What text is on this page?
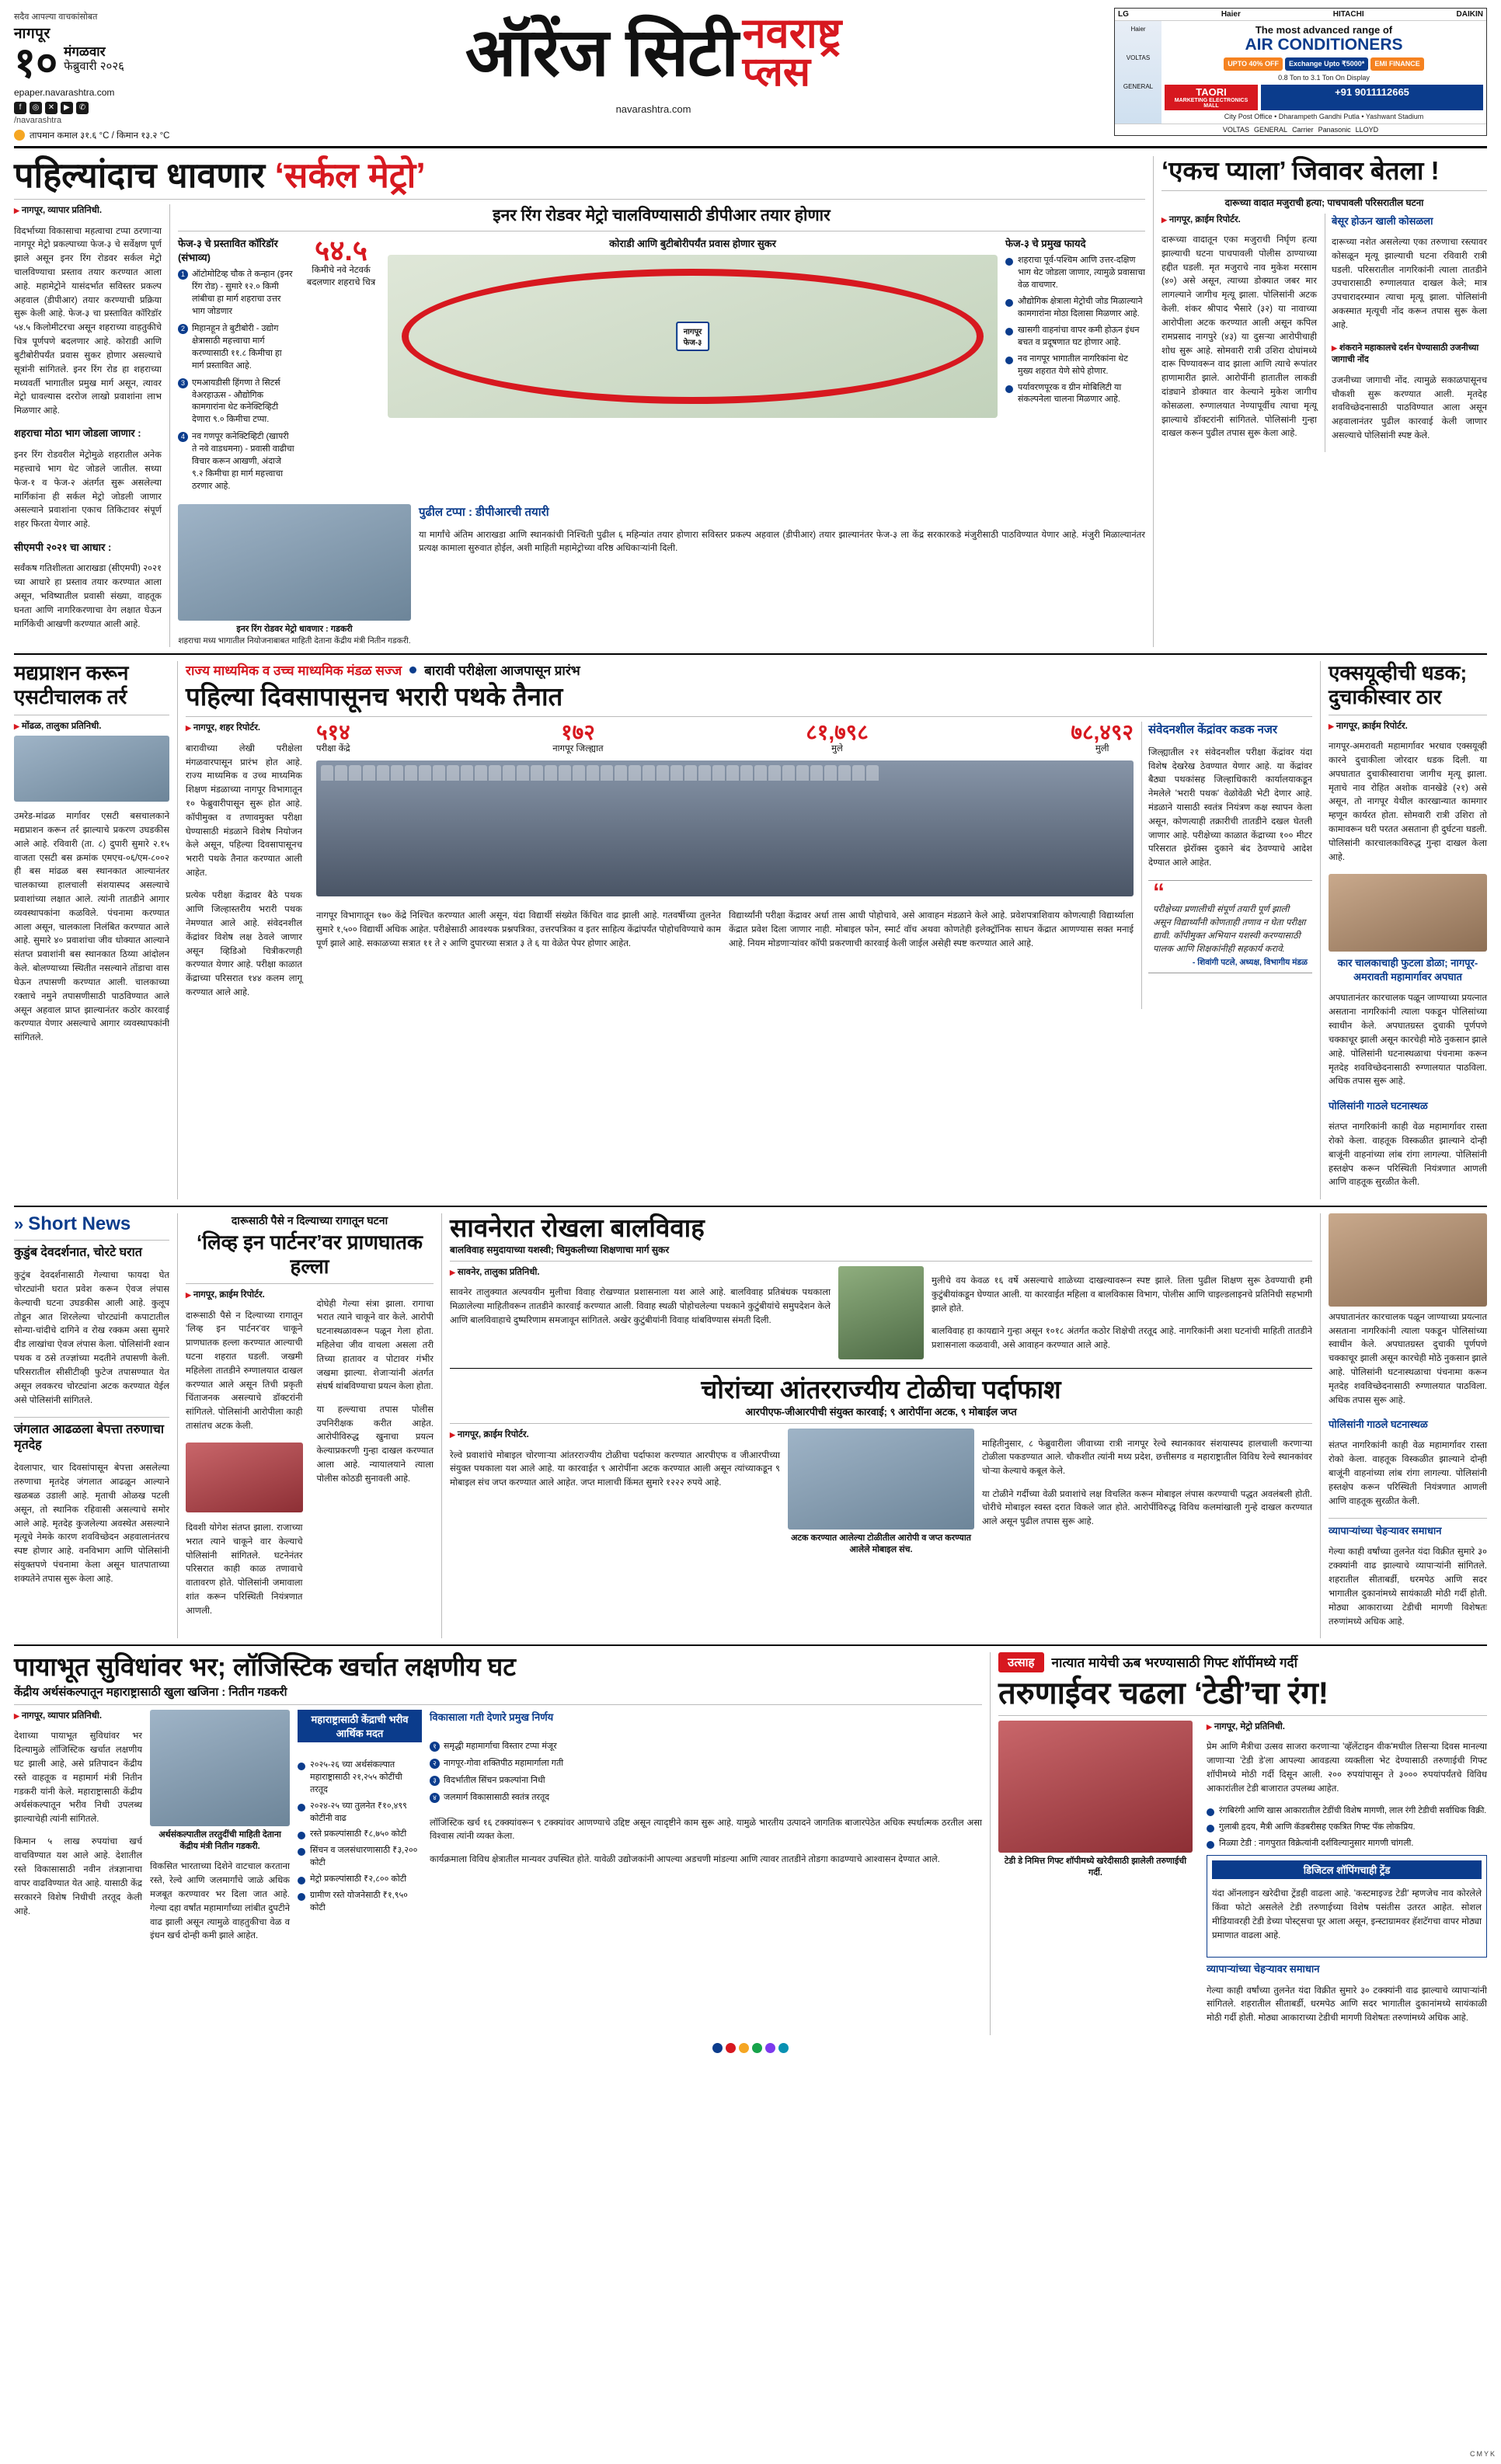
सदैव आपल्या वाचकांसोबत
नागपूर
१० मंगळवार
फेब्रुवारी २०२६
epaper.navarashtra.com
f	◎	✕	▶	✆
/navarashtra
तापमान कमाल ३१.६ °C / किमान १३.२ °C
ऑरेंज सिटी नवराष्ट्र
प्लस
navarashtra.com
LG	Haier	HITACHI	DAIKIN
Haier
VOLTAS
GENERAL
The most advanced range of
AIR CONDITIONERS
UPTO 40% OFF	Exchange Upto ₹5000*	EMI FINANCE
0.8 Ton to 3.1 Ton On Display
TAORI
MARKETING ELECTRONICS MALL
+91 9011112665
City Post Office • Dharampeth Gandhi Putla • Yashwant Stadium
VOLTAS GENERAL Carrier Panasonic LLOYD
पहिल्यांदाच धावणार ‘सर्कल मेट्रो’
▶ नागपूर, व्यापार प्रतिनिधी.

विदर्भाच्या विकासाचा महत्वाचा टप्पा ठरणाऱ्या नागपूर मेट्रो प्रकल्पाच्या फेज-३ चे सर्वेक्षण पूर्ण झाले असून इनर रिंग रोडवर सर्कल मेट्रो चालविण्याचा प्रस्ताव तयार करण्यात आला आहे. महामेट्रोने यासंदर्भात सविस्तर प्रकल्प अहवाल (डीपीआर) तयार करण्याची प्रक्रिया सुरू केली आहे. फेज-३ चा प्रस्तावित कॉरिडॉर ५४.५ किलोमीटरचा असून शहराच्या वाहतुकीचे चित्र पूर्णपणे बदलणार आहे. कोराडी आणि बुटीबोरीपर्यंत प्रवास सुकर होणार असल्याचे सूत्रांनी सांगितले. इनर रिंग रोड हा शहराच्या मध्यवर्ती भागातील प्रमुख मार्ग असून, त्यावर मेट्रो धावल्यास दररोज लाखो प्रवाशांना लाभ मिळणार आहे.

शहराचा मोठा भाग जोडला जाणार :

इनर रिंग रोडवरील मेट्रोमुळे शहरातील अनेक महत्त्वाचे भाग थेट जोडले जातील. सध्या फेज-१ व फेज-२ अंतर्गत सुरू असलेल्या मार्गिकांना ही सर्कल मेट्रो जोडली जाणार असल्याने प्रवाशांना एकाच तिकिटावर संपूर्ण शहर फिरता येणार आहे.

सीएमपी २०२१ चा आधार :

सर्वंकष गतिशीलता आराखडा (सीएमपी) २०२१ च्या आधारे हा प्रस्ताव तयार करण्यात आला असून, भविष्यातील प्रवासी संख्या, वाहतूक घनता आणि नागरिकरणाचा वेग लक्षात घेऊन मार्गिकेची आखणी करण्यात आली आहे.

इनर रिंग रोडवर मेट्रो चालविण्यासाठी डीपीआर तयार होणार
फेज-३ चे प्रस्तावित कॉरिडॉर (संभाव्य)
1 ऑटोमोटिव्ह चौक ते कन्हान (इनर रिंग रोड) - सुमारे १२.० किमी लांबीचा हा मार्ग शहराचा उत्तर भाग जोडणार
2 मिहानहून ते बुटीबोरी - उद्योग क्षेत्रासाठी महत्त्वाचा मार्ग करण्यासाठी ११.८ किमीचा हा मार्ग प्रस्तावित आहे.
3 एमआयडीसी हिंगणा ते सिटर्स वेअरहाऊस - औद्योगिक कामगारांना थेट कनेक्टिव्हिटी देणारा ९.० किमीचा टप्पा.
4 नव गणपूर कनेक्टिव्हिटी (खापरी ते नवे वाडधमना) - प्रवासी वाढीचा विचार करून आखणी, अंदाजे ९.२ किमीचा हा मार्ग महत्त्वाचा ठरणार आहे.
५४.५
किमीचे नवे नेटवर्क बदलणार शहराचे चित्र
कोराडी आणि बुटीबोरीपर्यंत प्रवास होणार सुकर
नागपूर
फेज-३
फेज-३ चे प्रमुख फायदे
शहराचा पूर्व-पश्चिम आणि उत्तर-दक्षिण भाग थेट जोडला जाणार, त्यामुळे प्रवासाचा वेळ वाचणार.
औद्योगिक क्षेत्राला मेट्रोची जोड मिळाल्याने कामगारांना मोठा दिलासा मिळणार आहे.
खासगी वाहनांचा वापर कमी होऊन इंधन बचत व प्रदूषणात घट होणार आहे.
नव नागपूर भागातील नागरिकांना थेट मुख्य शहरात येणे सोपे होणार.
पर्यावरणपूरक व ग्रीन मोबिलिटी या संकल्पनेला चालना मिळणार आहे.
इनर रिंग रोडवर मेट्रो धावणार : गडकरी
शहराचा मध्य भागातील नियोजनाबाबत माहिती देताना केंद्रीय मंत्री नितीन गडकरी.
पुढील टप्पा : डीपीआरची तयारी

या मार्गांचे अंतिम आराखडा आणि स्थानकांची निश्चिती पुढील ६ महिन्यांत तयार होणारा सविस्तर प्रकल्प अहवाल (डीपीआर) तयार झाल्यानंतर फेज-३ ला केंद्र सरकारकडे मंजुरीसाठी पाठविण्यात येणार आहे. मंजुरी मिळाल्यानंतर प्रत्यक्ष कामाला सुरुवात होईल, अशी माहिती महामेट्रोच्या वरिष्ठ अधिकाऱ्यांनी दिली.

‘एकच प्याला’ जिवावर बेतला !
दारूच्या वादात मजुराची हत्या; पाचपावली परिसरातील घटना
▶ नागपूर, क्राईम रिपोर्टर.

दारूच्या वादातून एका मजुराची निर्घृण हत्या झाल्याची घटना पाचपावली पोलीस ठाण्याच्या हद्दीत घडली. मृत मजुराचे नाव मुकेश मरसाम (४०) असे असून, त्याच्या डोक्यात जबर मार लागल्याने जागीच मृत्यू झाला. पोलिसांनी अटक केली. शंकर श्रीपाद भैसारे (३२) या नावाच्या आरोपीला अटक करण्यात आली असून कपिल रामप्रसाद नागपुरे (४३) या दुसऱ्या आरोपीचाही शोध सुरू आहे. सोमवारी रात्री उशिरा दोघांमध्ये दारू पिण्यावरून वाद झाला आणि त्याचे रूपांतर हाणामारीत झाले. आरोपींनी हातातील लाकडी दांड्याने डोक्यात वार केल्याने मुकेश जागीच कोसळला. रुग्णालयात नेण्यापूर्वीच त्याचा मृत्यू झाल्याचे डॉक्टरांनी सांगितले. पोलिसांनी गुन्हा दाखल करून पुढील तपास सुरू केला आहे.

बेसूर होऊन खाली कोसळला

दारूच्या नशेत असलेल्या एका तरुणाचा रस्त्यावर कोसळून मृत्यू झाल्याची घटना रविवारी रात्री घडली. परिसरातील नागरिकांनी त्याला तातडीने उपचारासाठी रुग्णालयात दाखल केले; मात्र उपचारादरम्यान त्याचा मृत्यू झाला. पोलिसांनी अकस्मात मृत्यूची नोंद करून तपास सुरू केला आहे.

▶ शंकराने महाकालचे दर्शन घेण्यासाठी उजनीच्या जागाची नोंद

उजनीच्या जागाची नोंद. त्यामुळे सकाळपासूनच चौकशी सुरू करण्यात आली. मृतदेह शवविच्छेदनासाठी पाठविण्यात आला असून अहवालानंतर पुढील कारवाई केली जाणार असल्याचे पोलिसांनी स्पष्ट केले.

मद्यप्राशन करून एसटीचालक तर्र
▶ मोंढळ, तालुका प्रतिनिधी.

उमरेड-मांढळ मार्गावर एसटी बसचालकाने मद्यप्राशन करून तर्र झाल्याचे प्रकरण उघडकीस आले आहे. रविवारी (ता. ८) दुपारी सुमारे २.१५ वाजता एसटी बस क्रमांक एमएच-०६/एम-८००२ ही बस मांढळ बस स्थानकात आल्यानंतर चालकाच्या हालचाली संशयास्पद असल्याचे प्रवाशांच्या लक्षात आले. त्यांनी तातडीने आगार व्यवस्थापकांना कळविले. पंचनामा करण्यात आला असून, चालकाला निलंबित करण्यात आले आहे. सुमारे ४० प्रवाशांचा जीव धोक्यात आल्याने संतप्त प्रवाशांनी बस स्थानकात ठिय्या आंदोलन केले. बोलण्याच्या स्थितीत नसल्याने तोंडाचा वास घेऊन तपासणी करण्यात आली. चालकाच्या रक्ताचे नमुने तपासणीसाठी पाठविण्यात आले असून अहवाल प्राप्त झाल्यानंतर कठोर कारवाई करण्यात येणार असल्याचे आगार व्यवस्थापकांनी सांगितले.

राज्य माध्यमिक व उच्च माध्यमिक मंडळ सज्ज बारावी परीक्षेला आजपासून प्रारंभ
पहिल्या दिवसापासूनच भरारी पथके तैनात
▶ नागपूर, शहर रिपोर्टर.

बारावीच्या लेखी परीक्षेला मंगळवारपासून प्रारंभ होत आहे. राज्य माध्यमिक व उच्च माध्यमिक शिक्षण मंडळाच्या नागपूर विभागातून १० फेब्रुवारीपासून सुरू होत आहे. कॉपीमुक्त व तणावमुक्त परीक्षा घेण्यासाठी मंडळाने विशेष नियोजन केले असून, पहिल्या दिवसापासूनच भरारी पथके तैनात करण्यात आली आहेत.

प्रत्येक परीक्षा केंद्रावर बैठे पथक आणि जिल्हास्तरीय भरारी पथक नेमण्यात आले आहे. संवेदनशील केंद्रांवर विशेष लक्ष ठेवले जाणार असून व्हिडिओ चित्रीकरणही करण्यात येणार आहे. परीक्षा काळात केंद्राच्या परिसरात १४४ कलम लागू करण्यात आले आहे.

५१४
परीक्षा केंद्रे
१७२
नागपूर जिल्ह्यात
८१,७९८
मुले
७८,४९२
मुली

नागपूर विभागातून १७० केंद्रे निश्चित करण्यात आली असून, यंदा विद्यार्थी संख्येत किंचित वाढ झाली आहे. गतवर्षीच्या तुलनेत सुमारे १,५०० विद्यार्थी अधिक आहेत. परीक्षेसाठी आवश्यक प्रश्नपत्रिका, उत्तरपत्रिका व इतर साहित्य केंद्रांपर्यंत पोहोचविण्याचे काम पूर्ण झाले आहे. सकाळच्या सत्रात ११ ते २ आणि दुपारच्या सत्रात ३ ते ६ या वेळेत पेपर होणार आहेत.

विद्यार्थ्यांनी परीक्षा केंद्रावर अर्धा तास आधी पोहोचावे, असे आवाहन मंडळाने केले आहे. प्रवेशपत्राशिवाय कोणत्याही विद्यार्थ्याला केंद्रात प्रवेश दिला जाणार नाही. मोबाइल फोन, स्मार्ट वॉच अथवा कोणतेही इलेक्ट्रॉनिक साधन केंद्रात आणण्यास सक्त मनाई आहे. नियम मोडणाऱ्यांवर कॉपी प्रकरणाची कारवाई केली जाईल असेही स्पष्ट करण्यात आले आहे.

संवेदनशील केंद्रांवर कडक नजर

जिल्ह्यातील २१ संवेदनशील परीक्षा केंद्रांवर यंदा विशेष देखरेख ठेवण्यात येणार आहे. या केंद्रांवर बैठ्या पथकांसह जिल्हाधिकारी कार्यालयाकडून नेमलेले 'भरारी पथक' वेळोवेळी भेटी देणार आहे. मंडळाने यासाठी स्वतंत्र नियंत्रण कक्ष स्थापन केला असून, कोणत्याही तक्रारीची तातडीने दखल घेतली जाणार आहे. परीक्षेच्या काळात केंद्राच्या १०० मीटर परिसरात झेरॉक्स दुकाने बंद ठेवण्याचे आदेश देण्यात आले आहेत.

“
परीक्षेच्या प्रणालीची संपूर्ण तयारी पूर्ण झाली असून विद्यार्थ्यांनी कोणताही तणाव न घेता परीक्षा द्यावी. कॉपीमुक्त अभियान यशस्वी करण्यासाठी पालक आणि शिक्षकांनीही सहकार्य करावे.
- शिवांगी पटले, अध्यक्ष, विभागीय मंडळ
एक्सयूव्हीची धडक; दुचाकीस्वार ठार
▶ नागपूर, क्राईम रिपोर्टर.

नागपूर-अमरावती महामार्गावर भरधाव एक्सयूव्ही कारने दुचाकीला जोरदार धडक दिली. या अपघातात दुचाकीस्वाराचा जागीच मृत्यू झाला. मृताचे नाव रोहित अशोक वानखेडे (२१) असे असून, तो नागपूर येथील कारखान्यात कामगार म्हणून कार्यरत होता. सोमवारी रात्री उशिरा तो कामावरून घरी परतत असताना ही दुर्घटना घडली. पोलिसांनी कारचालकाविरुद्ध गुन्हा दाखल केला आहे.

कार चालकाचाही फुटला डोळा; नागपूर-अमरावती महामार्गावर अपघात

अपघातानंतर कारचालक पळून जाण्याच्या प्रयत्नात असताना नागरिकांनी त्याला पकडून पोलिसांच्या स्वाधीन केले. अपघातग्रस्त दुचाकी पूर्णपणे चक्काचूर झाली असून कारचेही मोठे नुकसान झाले आहे. पोलिसांनी घटनास्थळाचा पंचनामा करून मृतदेह शवविच्छेदनासाठी रुग्णालयात पाठविला. अधिक तपास सुरू आहे.

पोलिसांनी गाठले घटनास्थळ

संतप्त नागरिकांनी काही वेळ महामार्गावर रास्ता रोको केला. वाहतूक विस्कळीत झाल्याने दोन्ही बाजूंनी वाहनांच्या लांब रांगा लागल्या. पोलिसांनी हस्तक्षेप करून परिस्थिती नियंत्रणात आणली आणि वाहतूक सुरळीत केली.

» Short News
कुडुंब देवदर्शनात, चोरटे घरात

कुटुंब देवदर्शनासाठी गेल्याचा फायदा घेत चोरट्यांनी घरात प्रवेश करून ऐवज लंपास केल्याची घटना उघडकीस आली आहे. कुलूप तोडून आत शिरलेल्या चोरट्यांनी कपाटातील सोन्या-चांदीचे दागिने व रोख रक्कम असा सुमारे दीड लाखांचा ऐवज लंपास केला. पोलिसांनी श्वान पथक व ठसे तज्ज्ञांच्या मदतीने तपासणी केली. परिसरातील सीसीटीव्ही फुटेज तपासण्यात येत असून लवकरच चोरट्यांना अटक करण्यात येईल असे पोलिसांनी सांगितले.

जंगलात आढळला बेपत्ता तरुणाचा मृतदेह

देवलापार, चार दिवसांपासून बेपत्ता असलेल्या तरुणाचा मृतदेह जंगलात आढळून आल्याने खळबळ उडाली आहे. मृताची ओळख पटली असून, तो स्थानिक रहिवासी असल्याचे समोर आले आहे. मृतदेह कुजलेल्या अवस्थेत असल्याने मृत्यूचे नेमके कारण शवविच्छेदन अहवालानंतरच स्पष्ट होणार आहे. वनविभाग आणि पोलिसांनी संयुक्तपणे पंचनामा केला असून घातपाताच्या शक्यतेने तपास सुरू केला आहे.

दारूसाठी पैसे न दिल्याच्या रागातून घटना
‘लिव्ह इन पार्टनर’वर प्राणघातक हल्ला
▶ नागपूर, क्राईम रिपोर्टर.

दारूसाठी पैसे न दिल्याच्या रागातून 'लिव्ह इन पार्टनर'वर चाकूने प्राणघातक हल्ला करण्यात आल्याची घटना शहरात घडली. जखमी महिलेला तातडीने रुग्णालयात दाखल करण्यात आले असून तिची प्रकृती चिंताजनक असल्याचे डॉक्टरांनी सांगितले. पोलिसांनी आरोपीला काही तासांतच अटक केली.

दिवशी योगेश संतप्त झाला. राजाच्या भरात त्याने चाकूने वार केल्याचे पोलिसांनी सांगितले. घटनेनंतर परिसरात काही काळ तणावाचे वातावरण होते. पोलिसांनी जमावाला शांत करून परिस्थिती नियंत्रणात आणली.

दोघेही गेल्या संत्रा झाला. रागाचा भरात त्याने चाकूने वार केले. आरोपी घटनास्थळावरून पळून गेला होता. महिलेचा जीव वाचला असला तरी तिच्या हातावर व पोटावर गंभीर जखमा झाल्या. शेजाऱ्यांनी अंतर्गत संघर्ष थांबविण्याचा प्रयत्न केला होता.

या हल्ल्याचा तपास पोलीस उपनिरीक्षक करीत आहेत. आरोपीविरुद्ध खुनाचा प्रयत्न केल्याप्रकरणी गुन्हा दाखल करण्यात आला आहे. न्यायालयाने त्याला पोलीस कोठडी सुनावली आहे.

सावनेरात रोखला बालविवाह
बालविवाह समुदायाच्या यशस्वी; चिमुकलीच्या शिक्षणाचा मार्ग सुकर
▶ सावनेर, तालुका प्रतिनिधी.

सावनेर तालुक्यात अल्पवयीन मुलीचा विवाह रोखण्यात प्रशासनाला यश आले आहे. बालविवाह प्रतिबंधक पथकाला मिळालेल्या माहितीवरून तातडीने कारवाई करण्यात आली. विवाह स्थळी पोहोचलेल्या पथकाने कुटुंबीयांचे समुपदेशन केले आणि बालविवाहाचे दुष्परिणाम समजावून सांगितले. अखेर कुटुंबीयांनी विवाह थांबविण्यास संमती दिली.

मुलीचे वय केवळ १६ वर्षे असल्याचे शाळेच्या दाखल्यावरून स्पष्ट झाले. तिला पुढील शिक्षण सुरू ठेवण्याची हमी कुटुंबीयांकडून घेण्यात आली. या कारवाईत महिला व बालविकास विभाग, पोलीस आणि चाइल्डलाइनचे प्रतिनिधी सहभागी झाले होते.

बालविवाह हा कायद्याने गुन्हा असून १०१८ अंतर्गत कठोर शिक्षेची तरतूद आहे. नागरिकांनी अशा घटनांची माहिती तातडीने प्रशासनाला कळवावी, असे आवाहन करण्यात आले आहे.

चोरांच्या आंतरराज्यीय टोळीचा पर्दाफाश
आरपीएफ-जीआरपीची संयुक्त कारवाई; ९ आरोपींना अटक, ९ मोबाईल जप्त
▶ नागपूर, क्राईम रिपोर्टर.

रेल्वे प्रवाशांचे मोबाइल चोरणाऱ्या आंतरराज्यीय टोळीचा पर्दाफाश करण्यात आरपीएफ व जीआरपीच्या संयुक्त पथकाला यश आले आहे. या कारवाईत ९ आरोपींना अटक करण्यात आली असून त्यांच्याकडून ९ मोबाइल संच जप्त करण्यात आले आहेत. जप्त मालाची किंमत सुमारे १२२२ रुपये आहे.

अटक करण्यात आलेल्या टोळीतील आरोपी व जप्त करण्यात आलेले मोबाइल संच.

माहितीनुसार, ८ फेब्रुवारीला जीवाच्या रात्री नागपूर रेल्वे स्थानकावर संशयास्पद हालचाली करणाऱ्या टोळीला पकडण्यात आले. चौकशीत त्यांनी मध्य प्रदेश, छत्तीसगड व महाराष्ट्रातील विविध रेल्वे स्थानकांवर चोऱ्या केल्याचे कबूल केले.

या टोळीने गर्दीच्या वेळी प्रवाशांचे लक्ष विचलित करून मोबाइल लंपास करण्याची पद्धत अवलंबली होती. चोरीचे मोबाइल स्वस्त दरात विकले जात होते. आरोपींविरुद्ध विविध कलमांखाली गुन्हे दाखल करण्यात आले असून पुढील तपास सुरू आहे.

अपघातानंतर कारचालक पळून जाण्याच्या प्रयत्नात असताना नागरिकांनी त्याला पकडून पोलिसांच्या स्वाधीन केले. अपघातग्रस्त दुचाकी पूर्णपणे चक्काचूर झाली असून कारचेही मोठे नुकसान झाले आहे. पोलिसांनी घटनास्थळाचा पंचनामा करून मृतदेह शवविच्छेदनासाठी रुग्णालयात पाठविला. अधिक तपास सुरू आहे.

पोलिसांनी गाठले घटनास्थळ

संतप्त नागरिकांनी काही वेळ महामार्गावर रास्ता रोको केला. वाहतूक विस्कळीत झाल्याने दोन्ही बाजूंनी वाहनांच्या लांब रांगा लागल्या. पोलिसांनी हस्तक्षेप करून परिस्थिती नियंत्रणात आणली आणि वाहतूक सुरळीत केली.

व्यापाऱ्यांच्या चेहऱ्यावर समाधान

गेल्या काही वर्षांच्या तुलनेत यंदा विक्रीत सुमारे ३० टक्क्यांनी वाढ झाल्याचे व्यापाऱ्यांनी सांगितले. शहरातील सीताबर्डी, धरमपेठ आणि सदर भागातील दुकानांमध्ये सायंकाळी मोठी गर्दी होती. मोठ्या आकाराच्या टेडीची मागणी विशेषतः तरुणांमध्ये अधिक आहे.

पायाभूत सुविधांवर भर; लॉजिस्टिक खर्चात लक्षणीय घट
केंद्रीय अर्थसंकल्पातून महाराष्ट्रासाठी खुला खजिना : नितीन गडकरी
▶ नागपूर, व्यापार प्रतिनिधी.

देशाच्या पायाभूत सुविधांवर भर दिल्यामुळे लॉजिस्टिक खर्चात लक्षणीय घट झाली आहे, असे प्रतिपादन केंद्रीय रस्ते वाहतूक व महामार्ग मंत्री नितीन गडकरी यांनी केले. महाराष्ट्रासाठी केंद्रीय अर्थसंकल्पातून भरीव निधी उपलब्ध झाल्याचेही त्यांनी सांगितले.

किमान ५ लाख रुपयांचा खर्च वाचविण्यात यश आले आहे. देशातील रस्ते विकासासाठी नवीन तंत्रज्ञानाचा वापर वाढविण्यात येत आहे. यासाठी केंद्र सरकारने विशेष निधीची तरतूद केली आहे.

अर्थसंकल्पातील तरतुदींची माहिती देताना केंद्रीय मंत्री नितीन गडकरी.

विकसित भारताच्या दिशेने वाटचाल करताना रस्ते, रेल्वे आणि जलमार्गांचे जाळे अधिक मजबूत करण्यावर भर दिला जात आहे. गेल्या दहा वर्षांत महामार्गांच्या लांबीत दुपटीने वाढ झाली असून त्यामुळे वाहतुकीचा वेळ व इंधन खर्च दोन्ही कमी झाले आहेत.

महाराष्ट्रासाठी केंद्राची भरीव आर्थिक मदत
२०२५-२६ च्या अर्थसंकल्पात महाराष्ट्रासाठी २१,२५५ कोटींची तरतूद
२०२४-२५ च्या तुलनेत ₹१०,४९९ कोटींनी वाढ
रस्ते प्रकल्पांसाठी ₹८,७५० कोटी
सिंचन व जलसंधारणासाठी ₹३,२०० कोटी
मेट्रो प्रकल्पांसाठी ₹२,८०० कोटी
ग्रामीण रस्ते योजनेसाठी ₹१,९५० कोटी
विकासाला गती देणारे प्रमुख निर्णय
१ समृद्धी महामार्गाचा विस्तार टप्पा मंजूर
२ नागपूर-गोवा शक्तिपीठ महामार्गाला गती
३ विदर्भातील सिंचन प्रकल्पांना निधी
४ जलमार्ग विकासासाठी स्वतंत्र तरतूद

लॉजिस्टिक खर्च १६ टक्क्यांवरून ९ टक्क्यांवर आणण्याचे उद्दिष्ट असून त्यादृष्टीने काम सुरू आहे. यामुळे भारतीय उत्पादने जागतिक बाजारपेठेत अधिक स्पर्धात्मक ठरतील असा विश्वास त्यांनी व्यक्त केला.

कार्यक्रमाला विविध क्षेत्रातील मान्यवर उपस्थित होते. यावेळी उद्योजकांनी आपल्या अडचणी मांडल्या आणि त्यावर तातडीने तोडगा काढण्याचे आश्वासन देण्यात आले.

उत्साह	नात्यात मायेची ऊब भरण्यासाठी गिफ्ट शॉपींमध्ये गर्दी
तरुणाईवर चढला ‘टेडी’चा रंग!
टेडी डे निमित्त गिफ्ट शॉपीमध्ये खरेदीसाठी झालेली तरुणाईची गर्दी.
▶ नागपूर, मेट्रो प्रतिनिधी.

प्रेम आणि मैत्रीचा उत्सव साजरा करणाऱ्या 'व्हॅलेंटाइन वीक'मधील तिसऱ्या दिवस मानल्या जाणाऱ्या 'टेडी डे'ला आपल्या आवडत्या व्यक्तीला भेट देण्यासाठी तरुणाईची गिफ्ट शॉपीमध्ये मोठी गर्दी दिसून आली. २०० रुपयांपासून ते ३००० रुपयांपर्यंतचे विविध आकारांतील टेडी बाजारात उपलब्ध आहेत.

रंगबिरंगी आणि खास आकारातील टेडींची विशेष मागणी, लाल रंगी टेडीची सर्वाधिक विक्री.
गुलाबी हृदय, मैत्री आणि कॅडबरीसह एकत्रित गिफ्ट पॅक लोकप्रिय.
निळ्या टेडी : नागपुरात विक्रेत्यांनी दर्शविल्यानुसार मागणी चांगली.
डिजिटल शॉपिंगचाही ट्रेंड

यंदा ऑनलाइन खरेदीचा ट्रेंडही वाढला आहे. 'कस्टमाइज्ड टेडी' म्हणजेच नाव कोरलेले किंवा फोटो असलेले टेडी तरुणाईच्या विशेष पसंतीस उतरत आहेत. सोशल मीडियावरही टेडी डेच्या पोस्ट्सचा पूर आला असून, इन्स्टाग्रामवर हॅशटॅगचा वापर मोठ्या प्रमाणात वाढला आहे.

व्यापाऱ्यांच्या चेहऱ्यावर समाधान

गेल्या काही वर्षांच्या तुलनेत यंदा विक्रीत सुमारे ३० टक्क्यांनी वाढ झाल्याचे व्यापाऱ्यांनी सांगितले. शहरातील सीताबर्डी, धरमपेठ आणि सदर भागातील दुकानांमध्ये सायंकाळी मोठी गर्दी होती. मोठ्या आकाराच्या टेडीची मागणी विशेषतः तरुणांमध्ये अधिक आहे.

CMYK
